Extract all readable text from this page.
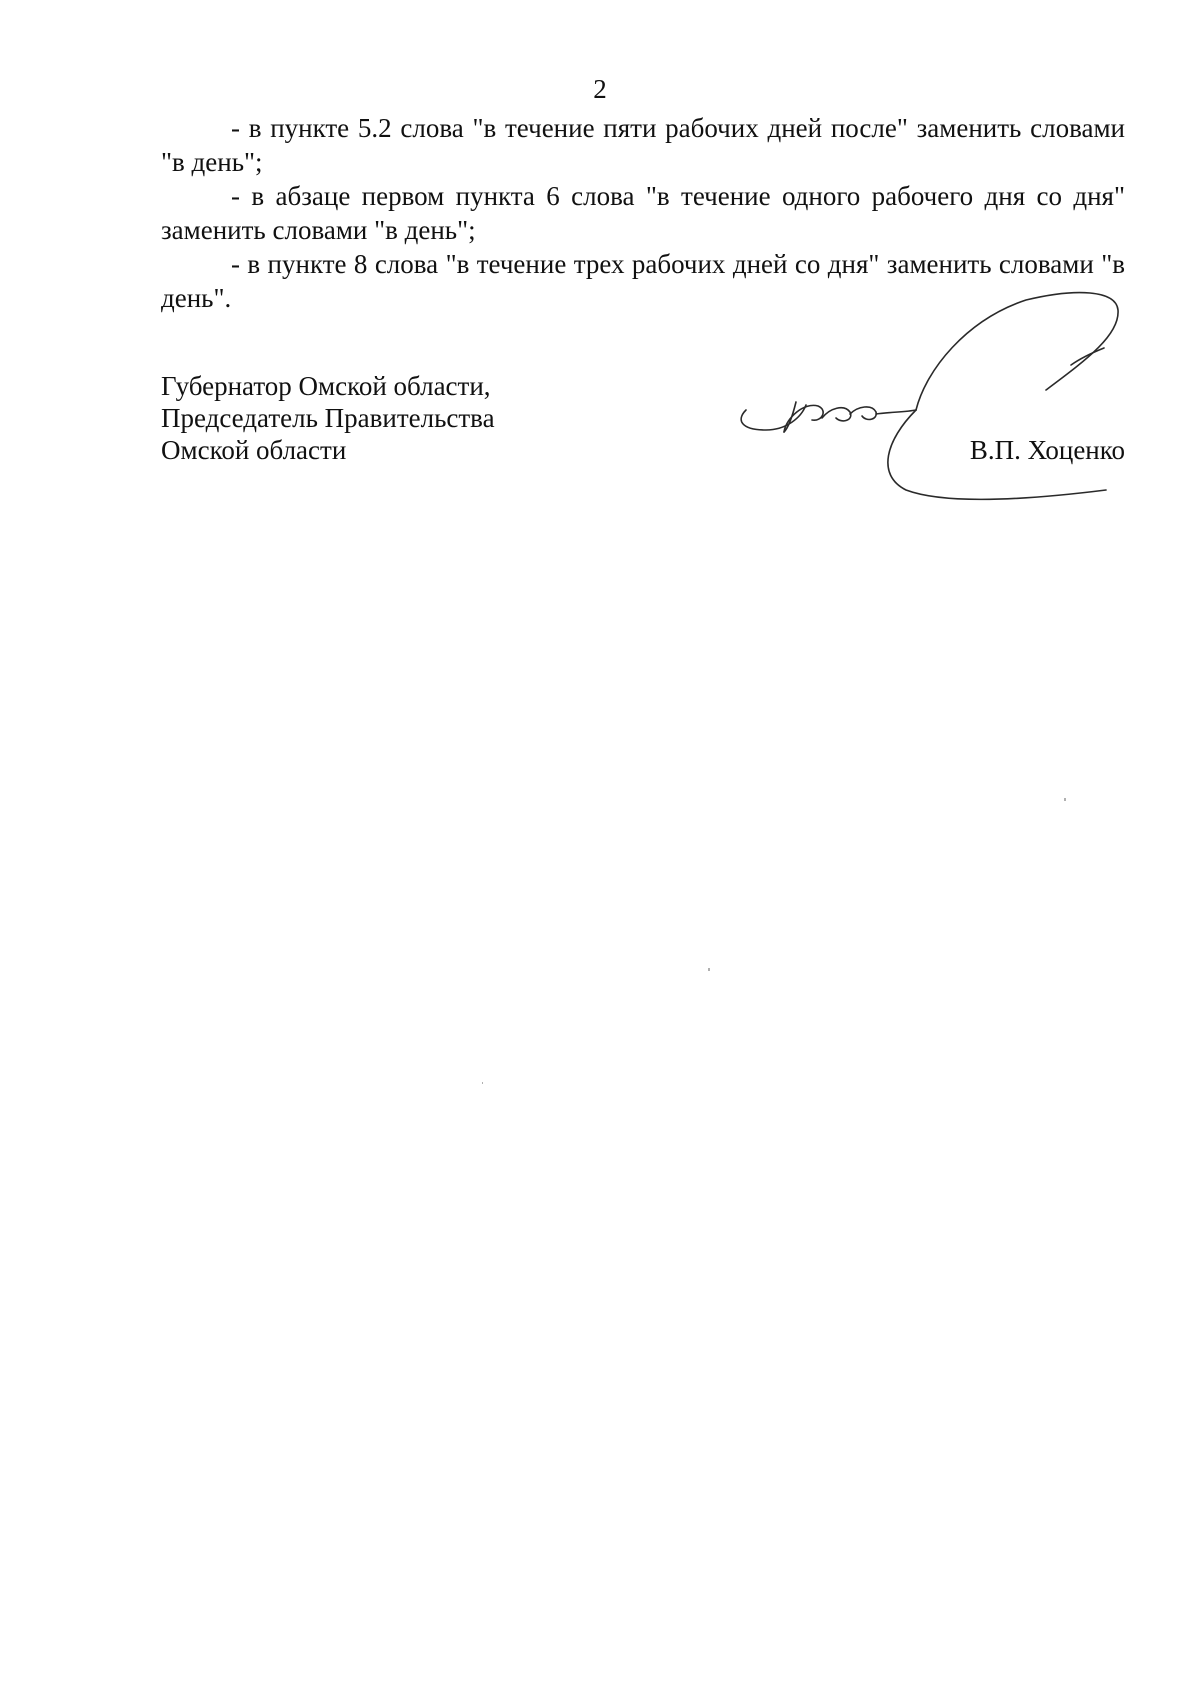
2

- в пункте 5.2 слова "в течение пяти рабочих дней после" заменить словами "в день";

- в абзаце первом пункта 6 слова "в течение одного рабочего дня со дня" заменить словами "в день";

- в пункте 8 слова "в течение трех рабочих дней со дня" заменить словами "в день".

Губернатор Омской области,
Председатель Правительства
Омской области	В.П. Хоценко
